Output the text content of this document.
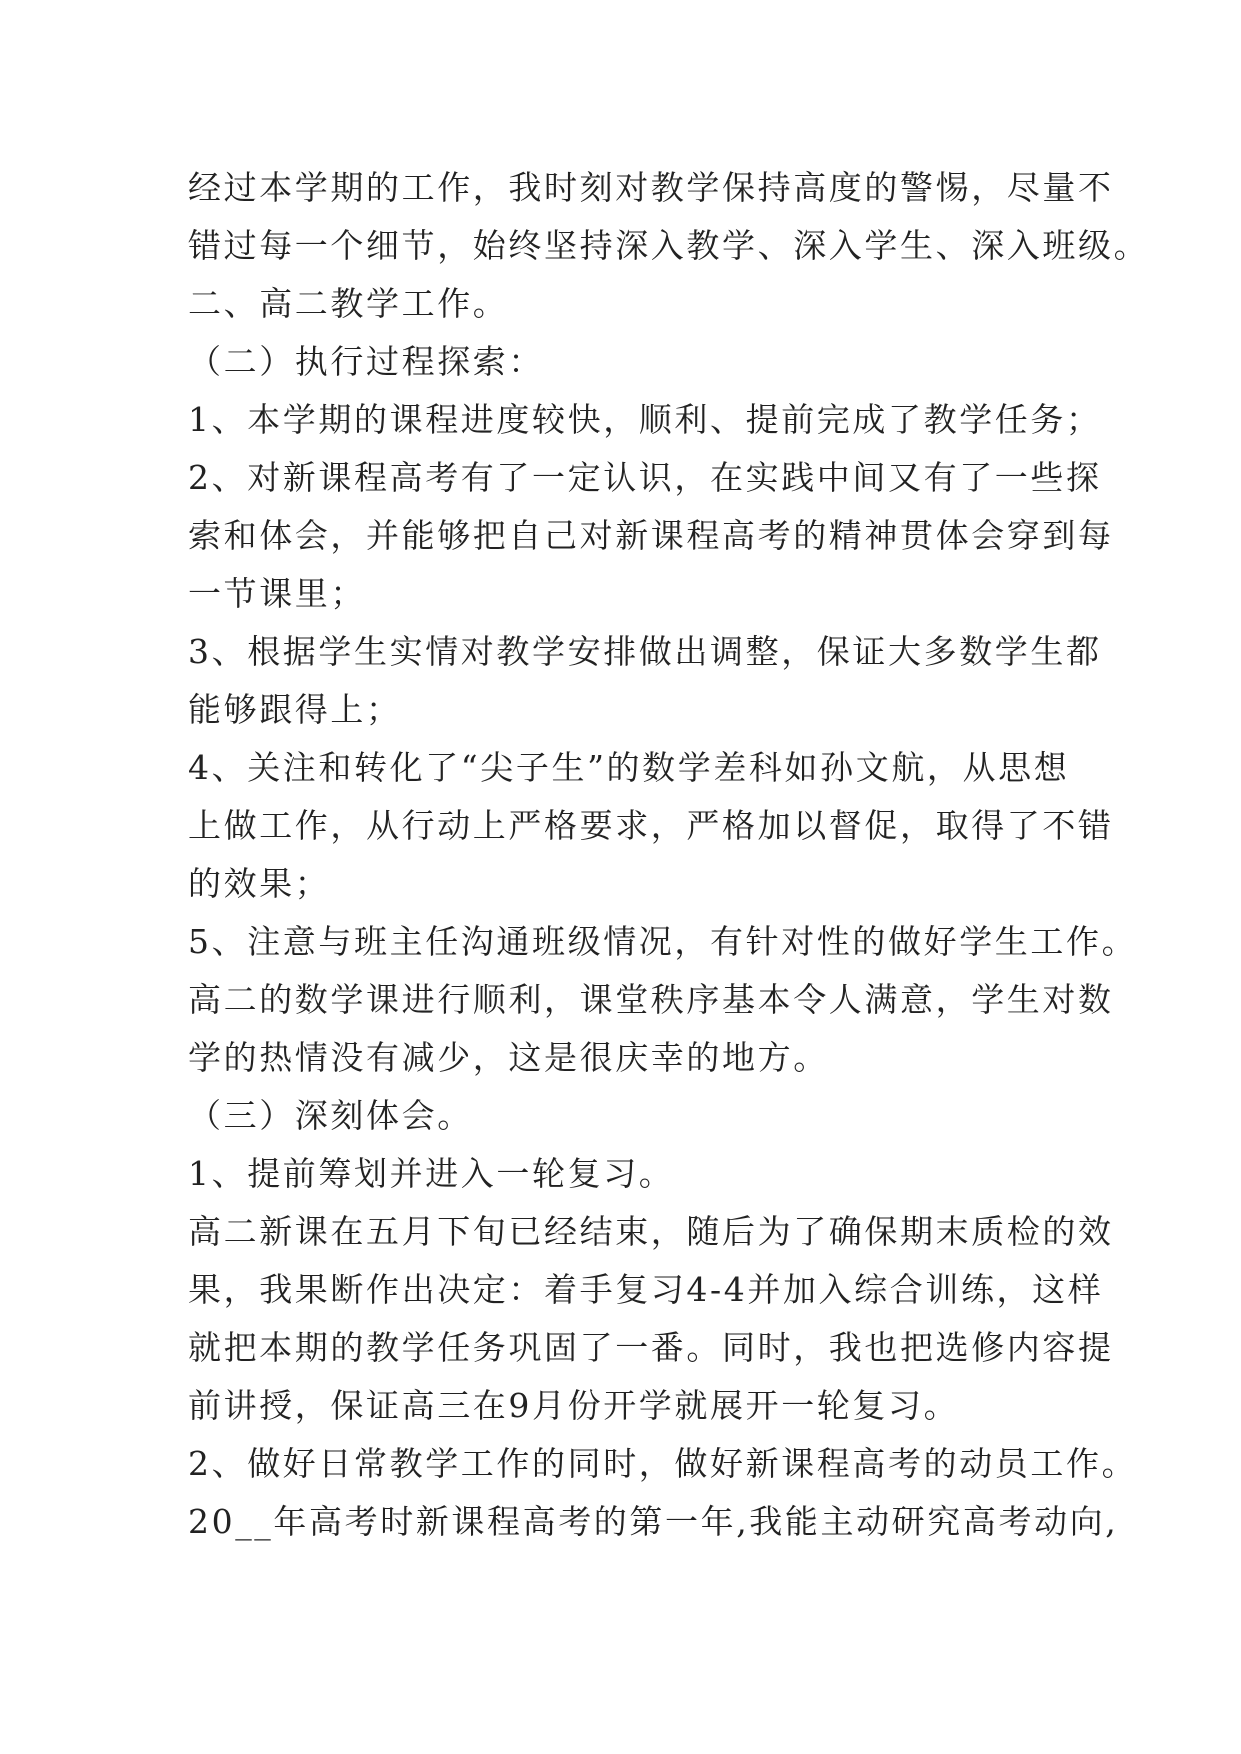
经过本学期的工作，我时刻对教学保持高度的警惕，尽量不
错过每一个细节，始终坚持深入教学、深入学生、深入班级。
二、高二教学工作。
（二）执行过程探索：
1、本学期的课程进度较快，顺利、提前完成了教学任务；
2、对新课程高考有了一定认识，在实践中间又有了一些探
索和体会，并能够把自己对新课程高考的精神贯体会穿到每
一节课里；
3、根据学生实情对教学安排做出调整，保证大多数学生都
能够跟得上；
4、关注和转化了“尖子生”的数学差科如孙文航，从思想
上做工作，从行动上严格要求，严格加以督促，取得了不错
的效果；
5、注意与班主任沟通班级情况，有针对性的做好学生工作。
高二的数学课进行顺利，课堂秩序基本令人满意，学生对数
学的热情没有减少，这是很庆幸的地方。
（三）深刻体会。
1、提前筹划并进入一轮复习。
高二新课在五月下旬已经结束，随后为了确保期末质检的效
果，我果断作出决定：着手复习4-4并加入综合训练，这样
就把本期的教学任务巩固了一番。同时，我也把选修内容提
前讲授，保证高三在9月份开学就展开一轮复习。
2、做好日常教学工作的同时，做好新课程高考的动员工作。
20__年高考时新课程高考的第一年,我能主动研究高考动向,
